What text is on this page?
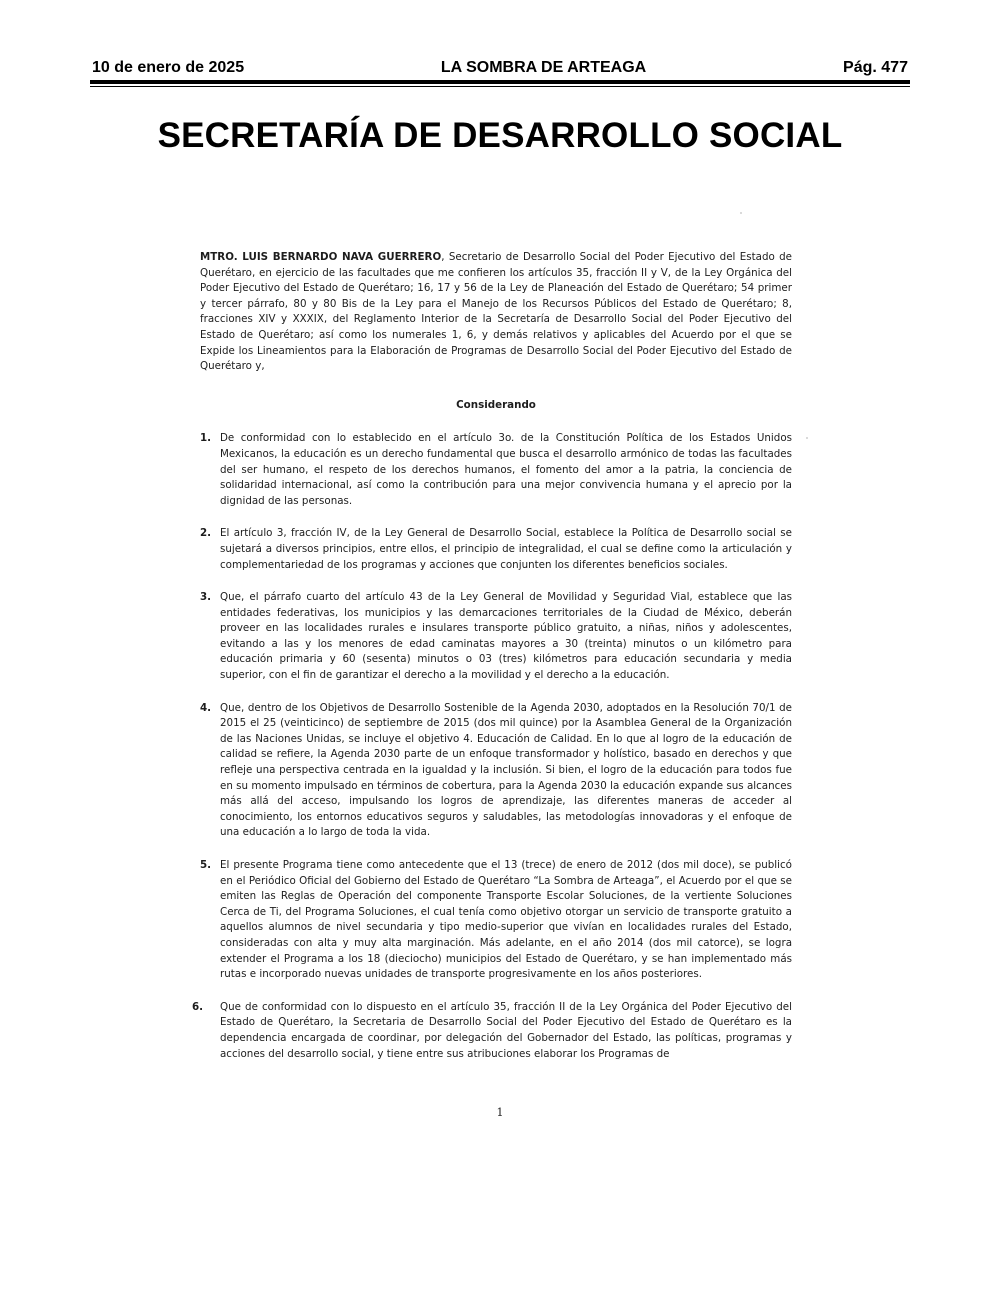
10 de enero de 2025	LA SOMBRA DE ARTEAGA	Pág. 477
SECRETARÍA DE DESARROLLO SOCIAL

MTRO. LUIS BERNARDO NAVA GUERRERO, Secretario de Desarrollo Social del Poder Ejecutivo del Estado de Querétaro, en ejercicio de las facultades que me confieren los artículos 35, fracción II y V, de la Ley Orgánica del Poder Ejecutivo del Estado de Querétaro; 16, 17 y 56 de la Ley de Planeación del Estado de Querétaro; 54 primer y tercer párrafo, 80 y 80 Bis de la Ley para el Manejo de los Recursos Públicos del Estado de Querétaro; 8, fracciones XIV y XXXIX, del Reglamento Interior de la Secretaría de Desarrollo Social del Poder Ejecutivo del Estado de Querétaro; así como los numerales 1, 6, y demás relativos y aplicables del Acuerdo por el que se Expide los Lineamientos para la Elaboración de Programas de Desarrollo Social del Poder Ejecutivo del Estado de Querétaro y,

Considerando
1. De conformidad con lo establecido en el artículo 3o. de la Constitución Política de los Estados Unidos Mexicanos, la educación es un derecho fundamental que busca el desarrollo armónico de todas las facultades del ser humano, el respeto de los derechos humanos, el fomento del amor a la patria, la conciencia de solidaridad internacional, así como la contribución para una mejor convivencia humana y el aprecio por la dignidad de las personas.
2. El artículo 3, fracción IV, de la Ley General de Desarrollo Social, establece la Política de Desarrollo social se sujetará a diversos principios, entre ellos, el principio de integralidad, el cual se define como la articulación y complementariedad de los programas y acciones que conjunten los diferentes beneficios sociales.
3. Que, el párrafo cuarto del artículo 43 de la Ley General de Movilidad y Seguridad Vial, establece que las entidades federativas, los municipios y las demarcaciones territoriales de la Ciudad de México, deberán proveer en las localidades rurales e insulares transporte público gratuito, a niñas, niños y adolescentes, evitando a las y los menores de edad caminatas mayores a 30 (treinta) minutos o un kilómetro para educación primaria y 60 (sesenta) minutos o 03 (tres) kilómetros para educación secundaria y media superior, con el fin de garantizar el derecho a la movilidad y el derecho a la educación.
4. Que, dentro de los Objetivos de Desarrollo Sostenible de la Agenda 2030, adoptados en la Resolución 70/1 de 2015 el 25 (veinticinco) de septiembre de 2015 (dos mil quince) por la Asamblea General de la Organización de las Naciones Unidas, se incluye el objetivo 4. Educación de Calidad. En lo que al logro de la educación de calidad se refiere, la Agenda 2030 parte de un enfoque transformador y holístico, basado en derechos y que refleje una perspectiva centrada en la igualdad y la inclusión. Si bien, el logro de la educación para todos fue en su momento impulsado en términos de cobertura, para la Agenda 2030 la educación expande sus alcances más allá del acceso, impulsando los logros de aprendizaje, las diferentes maneras de acceder al conocimiento, los entornos educativos seguros y saludables, las metodologías innovadoras y el enfoque de una educación a lo largo de toda la vida.
5. El presente Programa tiene como antecedente que el 13 (trece) de enero de 2012 (dos mil doce), se publicó en el Periódico Oficial del Gobierno del Estado de Querétaro “La Sombra de Arteaga”, el Acuerdo por el que se emiten las Reglas de Operación del componente Transporte Escolar Soluciones, de la vertiente Soluciones Cerca de Ti, del Programa Soluciones, el cual tenía como objetivo otorgar un servicio de transporte gratuito a aquellos alumnos de nivel secundaria y tipo medio-superior que vivían en localidades rurales del Estado, consideradas con alta y muy alta marginación. Más adelante, en el año 2014 (dos mil catorce), se logra extender el Programa a los 18 (dieciocho) municipios del Estado de Querétaro, y se han implementado más rutas e incorporado nuevas unidades de transporte progresivamente en los años posteriores.
6. Que de conformidad con lo dispuesto en el artículo 35, fracción II de la Ley Orgánica del Poder Ejecutivo del Estado de Querétaro, la Secretaria de Desarrollo Social del Poder Ejecutivo del Estado de Querétaro es la dependencia encargada de coordinar, por delegación del Gobernador del Estado, las políticas, programas y acciones del desarrollo social, y tiene entre sus atribuciones elaborar los Programas de
1
